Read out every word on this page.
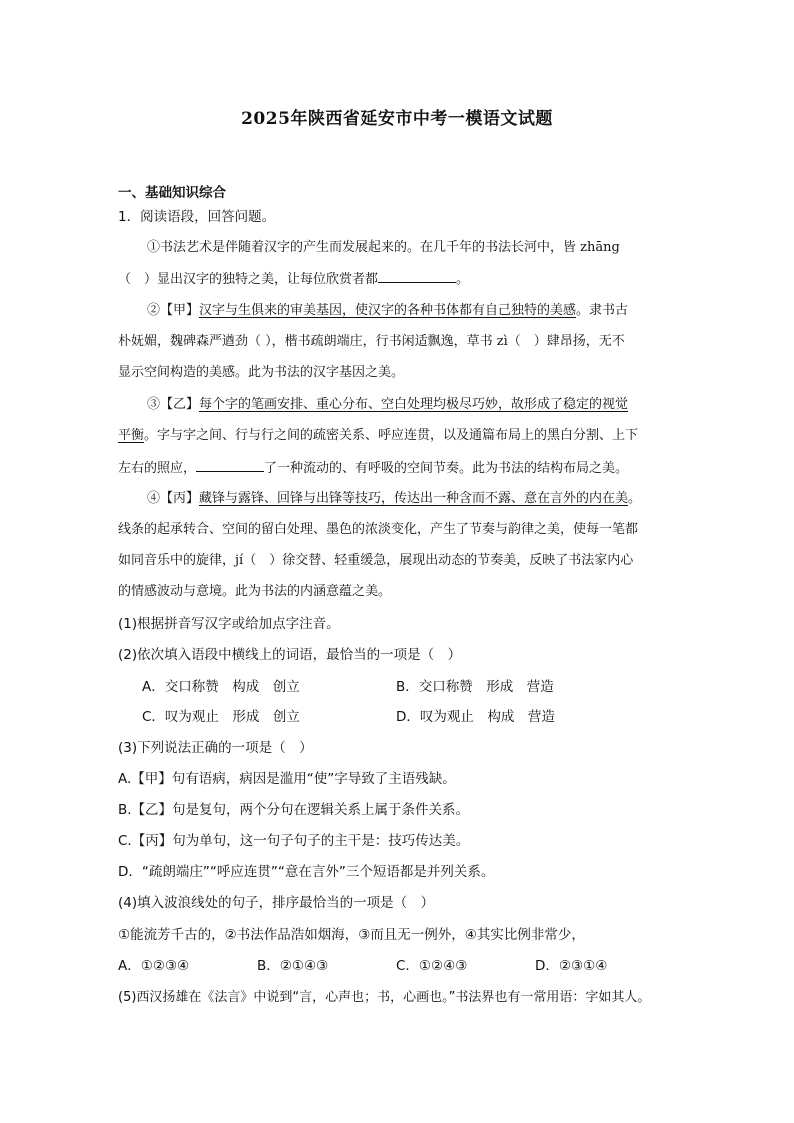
2025年陕西省延安市中考一模语文试题
一、基础知识综合
1．阅读语段，回答问题。
①书法艺术是伴随着汉字的产生而发展起来的。在几千年的书法长河中，皆 zhāng
（　）显出汉字的独特之美，让每位欣赏者都	。
②【甲】汉字与生俱来的审美基因，使汉字的各种书体都有自己独特的美感。隶书古
朴妩媚，魏碑森严遒劲（ ），楷书疏朗端庄，行书闲适飘逸，草书 zì（　）肆昂扬，无不
显示空间构造的美感。此为书法的汉字基因之美。
③【乙】每个字的笔画安排、重心分布、空白处理均极尽巧妙，故形成了稳定的视觉
平衡。字与字之间、行与行之间的疏密关系、呼应连贯，以及通篇布局上的黑白分割、上下
左右的照应，	了一种流动的、有呼吸的空间节奏。此为书法的结构布局之美。
④【丙】藏锋与露锋、回锋与出锋等技巧，传达出一种含而不露、意在言外的内在美。
线条的起承转合、空间的留白处理、墨色的浓淡变化，产生了节奏与韵律之美，使每一笔都
如同音乐中的旋律，jí（　）徐交替、轻重缓急，展现出动态的节奏美，反映了书法家内心
的情感波动与意境。此为书法的内涵意蕴之美。
(1)根据拼音写汉字或给加点字注音。
(2)依次填入语段中横线上的词语，最恰当的一项是（　）
A．交口称赞　构成　创立	B．交口称赞　形成　营造
C．叹为观止　形成　创立	D．叹为观止　构成　营造
(3)下列说法正确的一项是（　）
A.【甲】句有语病，病因是滥用“使”字导致了主语残缺。
B.【乙】句是复句，两个分句在逻辑关系上属于条件关系。
C.【丙】句为单句，这一句子句子的主干是：技巧传达美。
D．“疏朗端庄”“呼应连贯”“意在言外”三个短语都是并列关系。
(4)填入波浪线处的句子，排序最恰当的一项是（　）
①能流芳千古的，②书法作品浩如烟海，③而且无一例外，④其实比例非常少，
A．①②③④	B．②①④③	C．①②④③	D．②③①④
(5)西汉扬雄在《法言》中说到“言，心声也；书，心画也。”书法界也有一常用语：字如其人。
